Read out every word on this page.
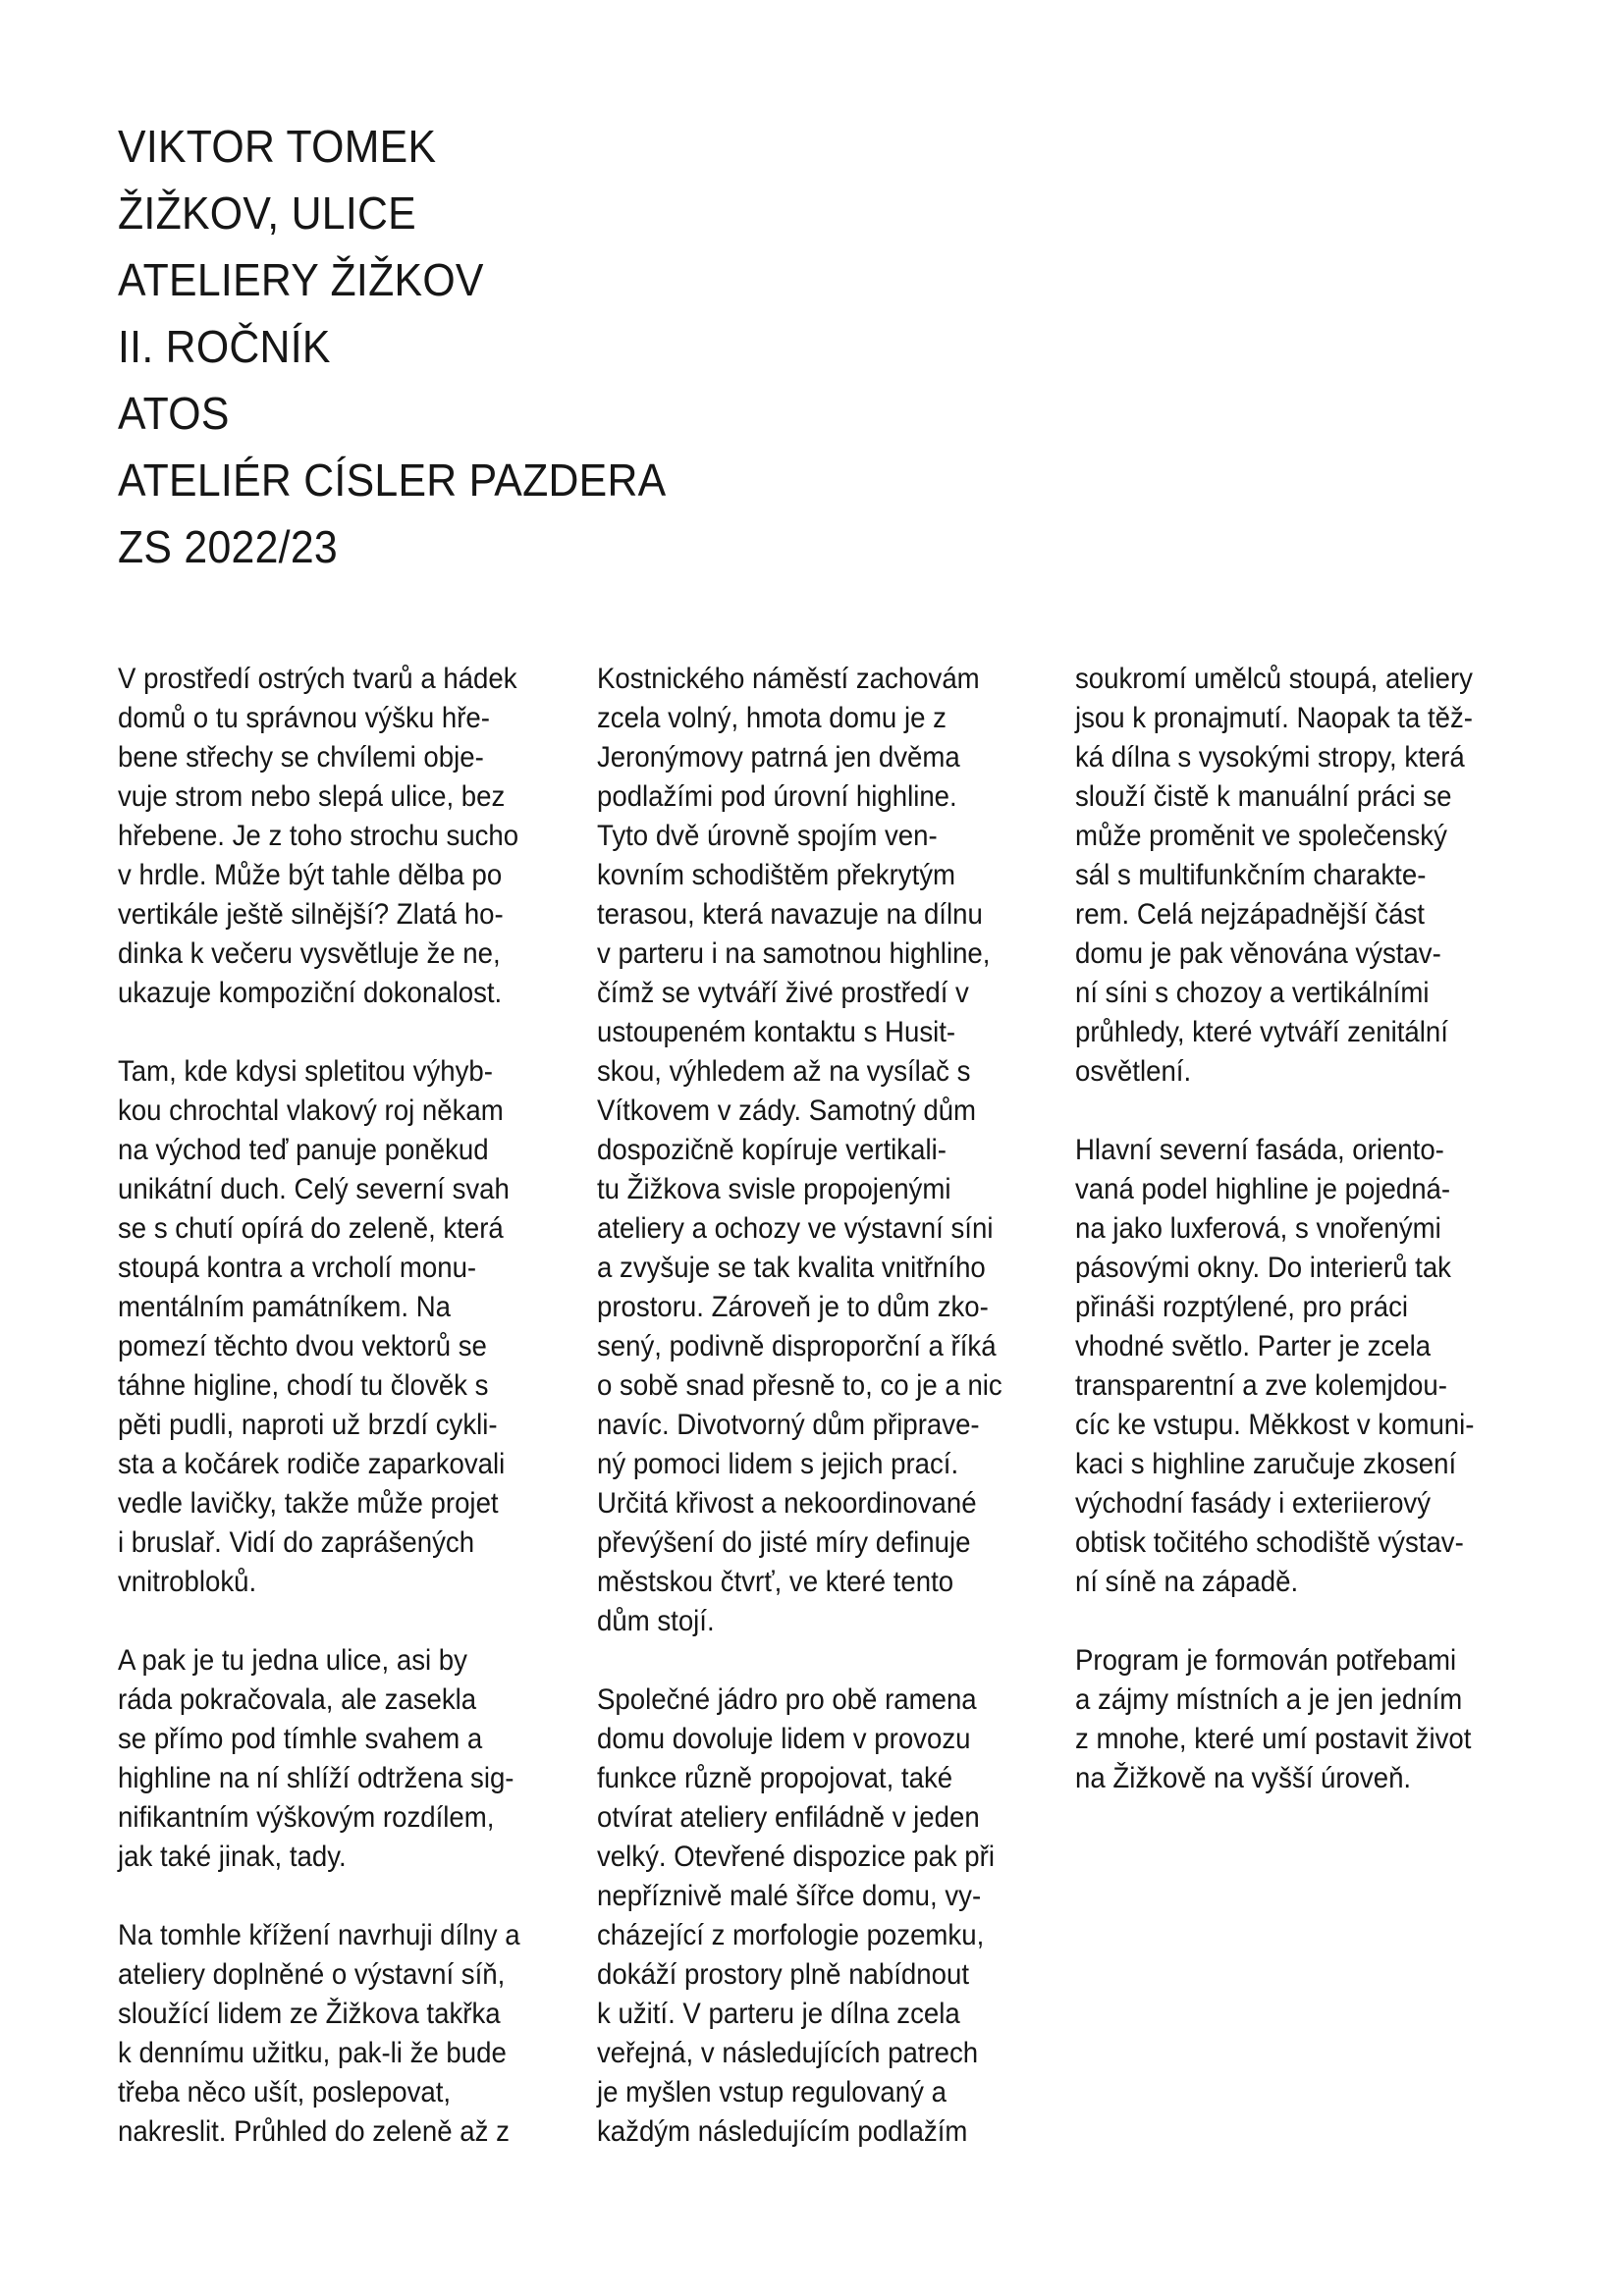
VIKTOR TOMEK
ŽIŽKOV, ULICE
ATELIERY ŽIŽKOV
II. ROČNÍK
ATOS
ATELIÉR CÍSLER PAZDERA
ZS 2022/23
V prostředí ostrých tvarů a hádek
domů o tu správnou výšku hře-
bene střechy se chvílemi obje-
vuje strom nebo slepá ulice, bez
hřebene. Je z toho strochu sucho
v hrdle. Může být tahle dělba po
vertikále ještě silnější? Zlatá ho-
dinka k večeru vysvětluje že ne,
ukazuje kompoziční dokonalost.
Tam, kde kdysi spletitou výhyb-
kou chrochtal vlakový roj někam
na východ teď panuje poněkud
unikátní duch. Celý severní svah
se s chutí opírá do zeleně, která
stoupá kontra a vrcholí monu-
mentálním památníkem. Na
pomezí těchto dvou vektorů se
táhne higline, chodí tu člověk s
pěti pudli, naproti už brzdí cykli-
sta a kočárek rodiče zaparkovali
vedle lavičky, takže může projet
i bruslař. Vidí do zaprášených
vnitrobloků.
A pak je tu jedna ulice, asi by
ráda pokračovala, ale zasekla
se přímo pod tímhle svahem a
highline na ní shlíží odtržena sig-
nifikantním výškovým rozdílem,
jak také jinak, tady.
Na tomhle křížení navrhuji dílny a
ateliery doplněné o výstavní síň,
sloužící lidem ze Žižkova takřka
k dennímu užitku, pak-li že bude
třeba něco ušít, poslepovat,
nakreslit. Průhled do zeleně až z
Kostnického náměstí zachovám
zcela volný, hmota domu je z
Jeronýmovy patrná jen dvěma
podlažími pod úrovní highline.
Tyto dvě úrovně spojím ven-
kovním schodištěm překrytým
terasou, která navazuje na dílnu
v parteru i na samotnou highline,
čímž se vytváří živé prostředí v
ustoupeném kontaktu s Husit-
skou, výhledem až na vysílač s
Vítkovem v zády. Samotný dům
dospozičně kopíruje vertikali-
tu Žižkova svisle propojenými
ateliery a ochozy ve výstavní síni
a zvyšuje se tak kvalita vnitřního
prostoru. Zároveň je to dům zko-
sený, podivně disproporční a říká
o sobě snad přesně to, co je a nic
navíc. Divotvorný dům připrave-
ný pomoci lidem s jejich prací.
Určitá křivost a nekoordinované
převýšení do jisté míry definuje
městskou čtvrť, ve které tento
dům stojí.
Společné jádro pro obě ramena
domu dovoluje lidem v provozu
funkce různě propojovat, také
otvírat ateliery enfiládně v jeden
velký. Otevřené dispozice pak při
nepříznivě malé šířce domu, vy-
cházející z morfologie pozemku,
dokáží prostory plně nabídnout
k užití. V parteru je dílna zcela
veřejná, v následujících patrech
je myšlen vstup regulovaný a
každým následujícím podlažím
soukromí umělců stoupá, ateliery
jsou k pronajmutí. Naopak ta těž-
ká dílna s vysokými stropy, která
slouží čistě k manuální práci se
může proměnit ve společenský
sál s multifunkčním charakte-
rem. Celá nejzápadnější část
domu je pak věnována výstav-
ní síni s chozoy a vertikálními
průhledy, které vytváří zenitální
osvětlení.
Hlavní severní fasáda, orientо-
vaná podel highline je pojedná-
na jako luxferová, s vnořenými
pásovými okny. Do interierů tak
přináši rozptýlené, pro práci
vhodné světlo. Parter je zcela
transparentní a zve kolemjdou-
cíc ke vstupu. Měkkost v komuni-
kaci s highline zaručuje zkosení
východní fasády i exteriierový
obtisk točitého schodiště výstav-
ní síně na západě.
Program je formován potřebami
a zájmy místních a je jen jedním
z mnohe, které umí postavit život
na Žižkově na vyšší úroveň.
